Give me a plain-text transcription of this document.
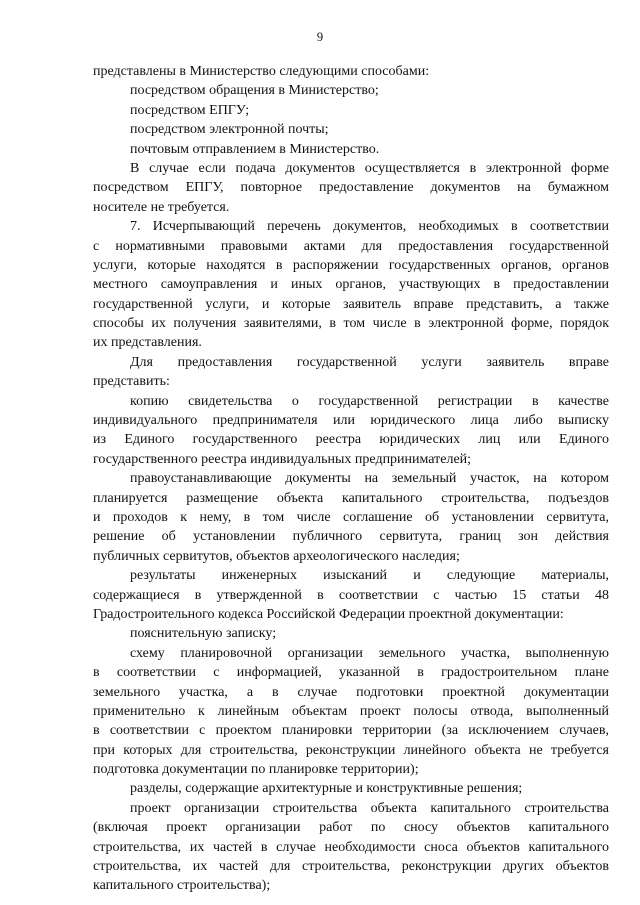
9
представлены в Министерство следующими способами:
посредством обращения в Министерство;
посредством ЕПГУ;
посредством электронной почты;
почтовым отправлением в Министерство.
В случае если подача документов осуществляется в электронной форме
посредством ЕПГУ, повторное предоставление документов на бумажном
носителе не требуется.
7. Исчерпывающий перечень документов, необходимых в соответствии
с нормативными правовыми актами для предоставления государственной
услуги, которые находятся в распоряжении государственных органов, органов
местного самоуправления и иных органов, участвующих в предоставлении
государственной услуги, и которые заявитель вправе представить, а также
способы их получения заявителями, в том числе в электронной форме, порядок
их представления.
Для предоставления государственной услуги заявитель вправе
представить:
копию свидетельства о государственной регистрации в качестве
индивидуального предпринимателя или юридического лица либо выписку
из Единого государственного реестра юридических лиц или Единого
государственного реестра индивидуальных предпринимателей;
правоустанавливающие документы на земельный участок, на котором
планируется размещение объекта капитального строительства, подъездов
и проходов к нему, в том числе соглашение об установлении сервитута,
решение об установлении публичного сервитута, границ зон действия
публичных сервитутов, объектов археологического наследия;
результаты инженерных изысканий и следующие материалы,
содержащиеся в утвержденной в соответствии с частью 15 статьи 48
Градостроительного кодекса Российской Федерации проектной документации:
пояснительную записку;
схему планировочной организации земельного участка, выполненную
в соответствии с информацией, указанной в градостроительном плане
земельного участка, а в случае подготовки проектной документации
применительно к линейным объектам проект полосы отвода, выполненный
в соответствии с проектом планировки территории (за исключением случаев,
при которых для строительства, реконструкции линейного объекта не требуется
подготовка документации по планировке территории);
разделы, содержащие архитектурные и конструктивные решения;
проект организации строительства объекта капитального строительства
(включая проект организации работ по сносу объектов капитального
строительства, их частей в случае необходимости сноса объектов капитального
строительства, их частей для строительства, реконструкции других объектов
капитального строительства);
